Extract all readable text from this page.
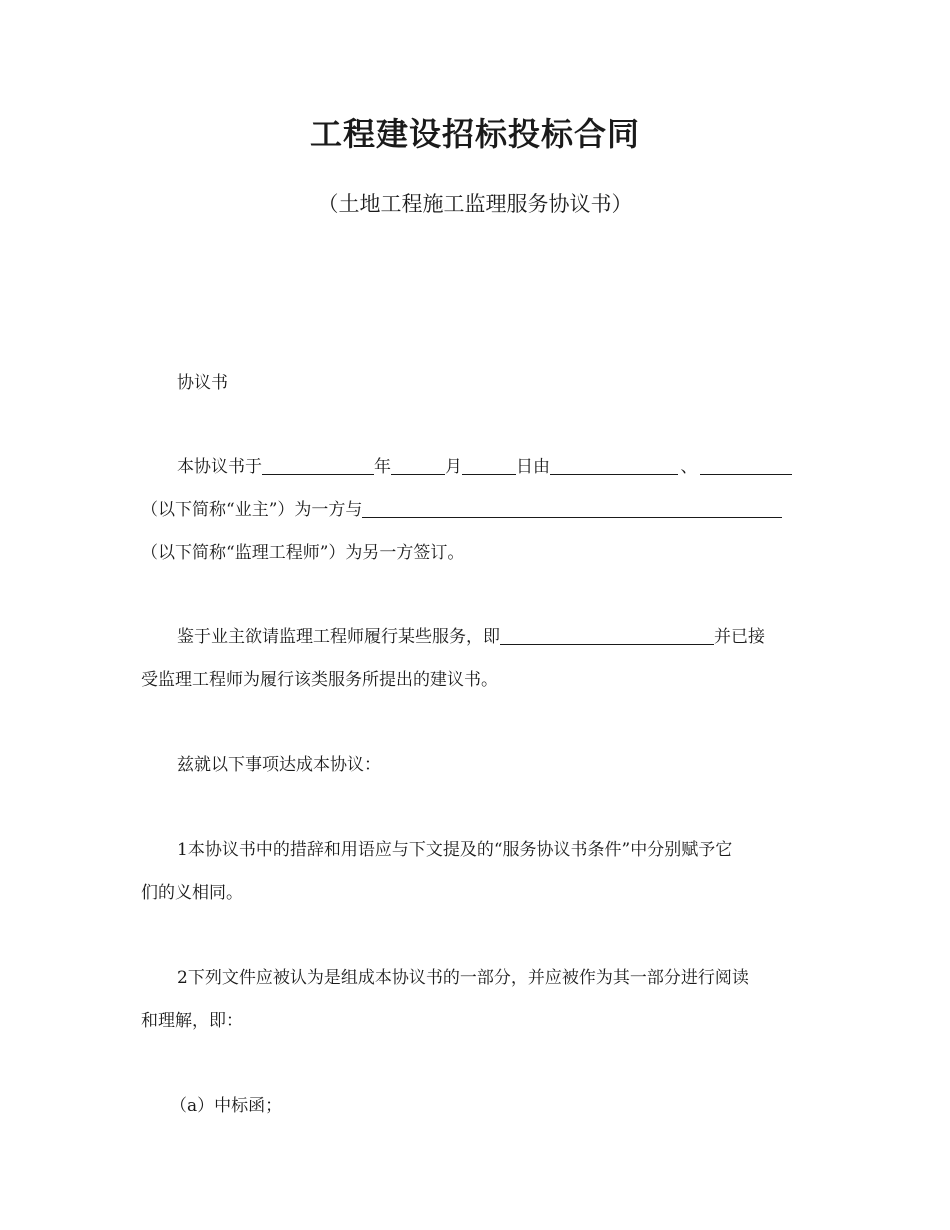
工程建设招标投标合同
（土地工程施工监理服务协议书）
协议书
本协议书于	年	月	日由	、
（以下简称“业主”）为一方与
（以下简称“监理工程师”）为另一方签订。
鉴于业主欲请监理工程师履行某些服务，即	并已接
受监理工程师为履行该类服务所提出的建议书。
兹就以下事项达成本协议：
1本协议书中的措辞和用语应与下文提及的“服务协议书条件”中分别赋予它
们的义相同。
2下列文件应被认为是组成本协议书的一部分，并应被作为其一部分进行阅读
和理解，即：
（a）中标函；
